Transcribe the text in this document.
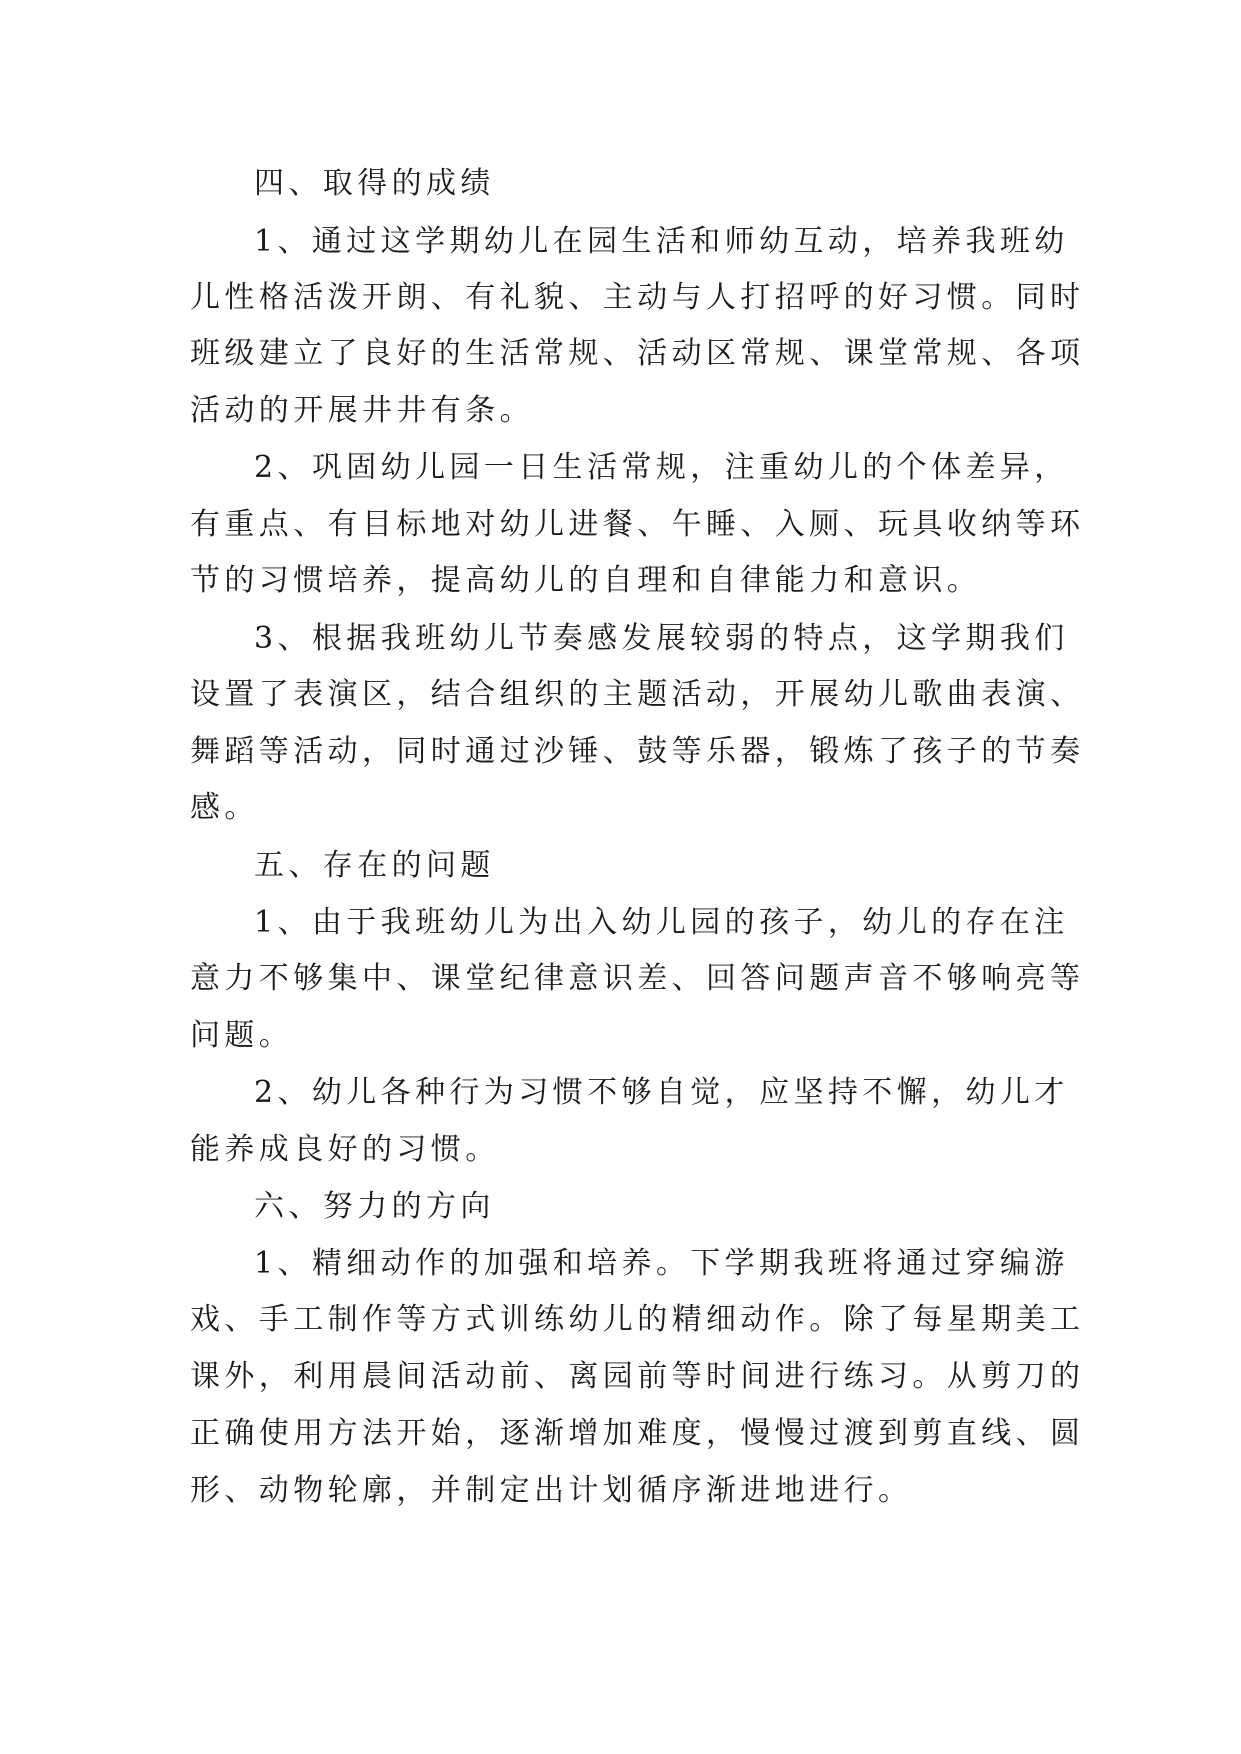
四、取得的成绩
1、通过这学期幼儿在园生活和师幼互动，培养我班幼
儿性格活泼开朗、有礼貌、主动与人打招呼的好习惯。同时
班级建立了良好的生活常规、活动区常规、课堂常规、各项
活动的开展井井有条。
2、巩固幼儿园一日生活常规，注重幼儿的个体差异，
有重点、有目标地对幼儿进餐、午睡、入厕、玩具收纳等环
节的习惯培养，提高幼儿的自理和自律能力和意识。
3、根据我班幼儿节奏感发展较弱的特点，这学期我们
设置了表演区，结合组织的主题活动，开展幼儿歌曲表演、
舞蹈等活动，同时通过沙锤、鼓等乐器，锻炼了孩子的节奏
感。
五、存在的问题
1、由于我班幼儿为出入幼儿园的孩子，幼儿的存在注
意力不够集中、课堂纪律意识差、回答问题声音不够响亮等
问题。
2、幼儿各种行为习惯不够自觉，应坚持不懈，幼儿才
能养成良好的习惯。
六、努力的方向
1、精细动作的加强和培养。下学期我班将通过穿编游
戏、手工制作等方式训练幼儿的精细动作。除了每星期美工
课外，利用晨间活动前、离园前等时间进行练习。从剪刀的
正确使用方法开始，逐渐增加难度，慢慢过渡到剪直线、圆
形、动物轮廓，并制定出计划循序渐进地进行。
